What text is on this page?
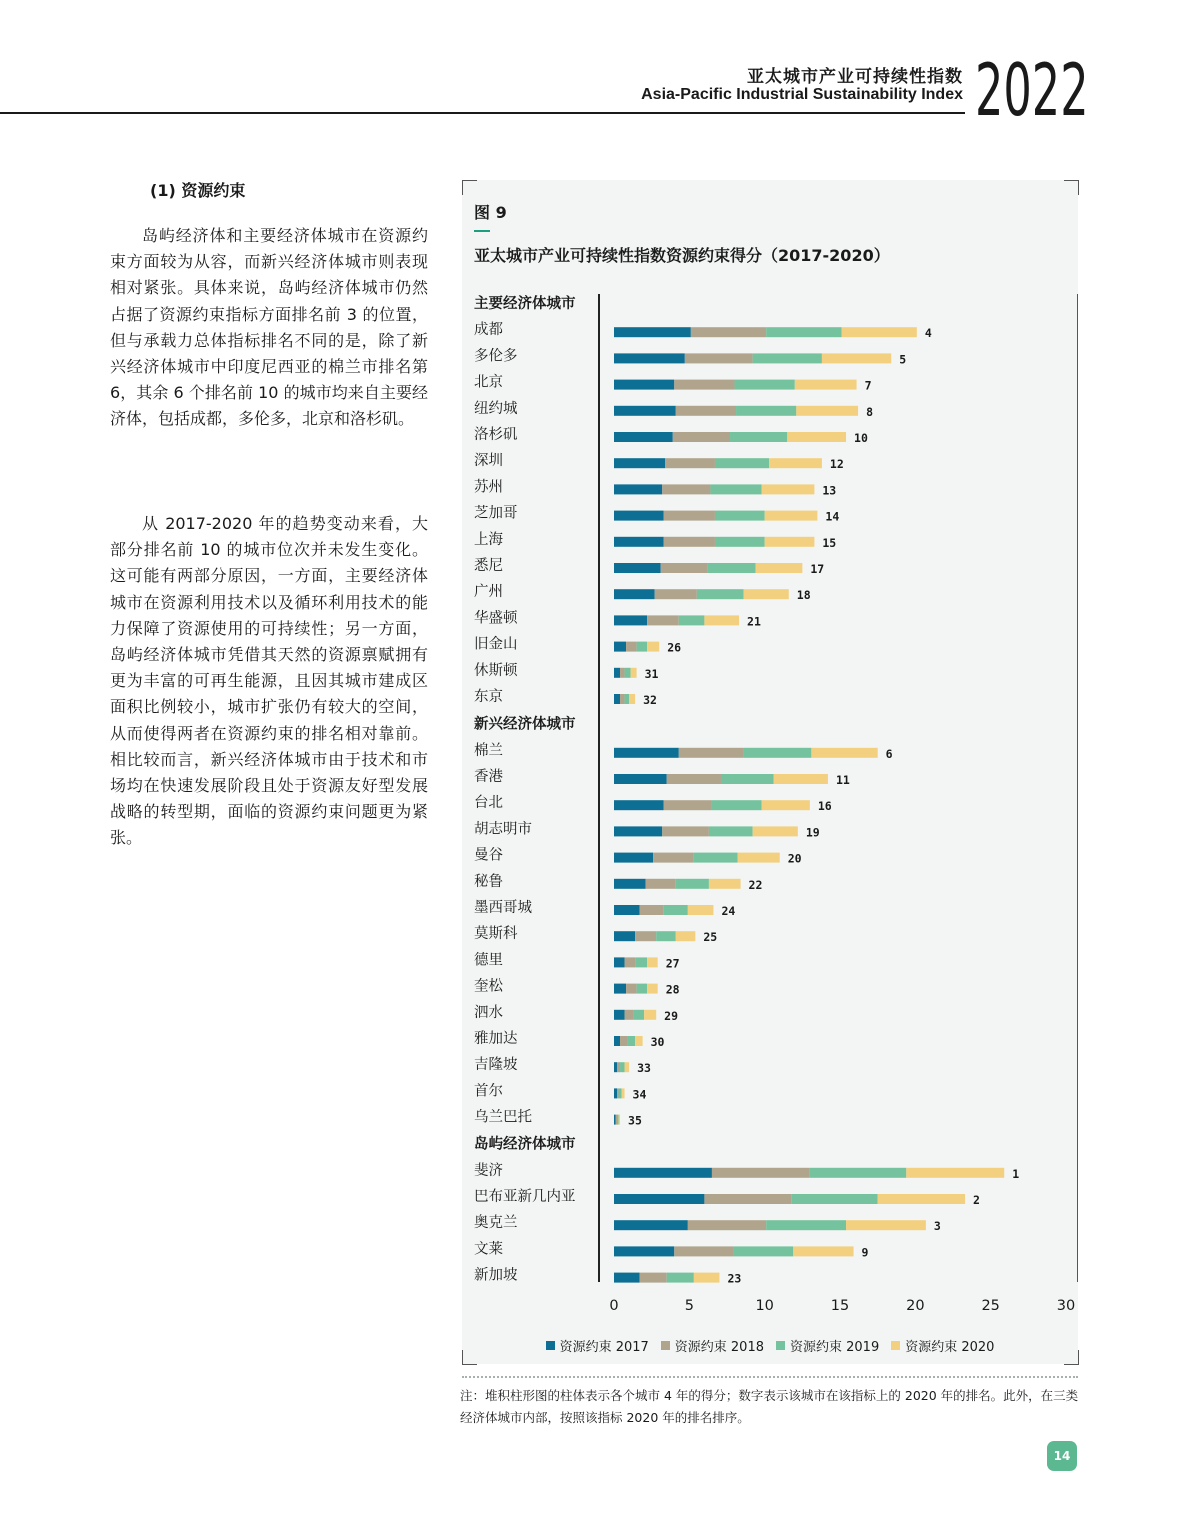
亚太城市产业可持续性指数
Asia-Pacific Industrial Sustainability Index 2022
(1) 资源约束

岛屿经济体和主要经济体城市在资源约束方面较为从容，而新兴经济体城市则表现相对紧张。具体来说，岛屿经济体城市仍然占据了资源约束指标方面排名前 3 的位置，但与承载力总体指标排名不同的是，除了新兴经济体城市中印度尼西亚的棉兰市排名第 6，其余 6 个排名前 10 的城市均来自主要经济体，包括成都，多伦多，北京和洛杉矶。

从 2017-2020 年的趋势变动来看，大部分排名前 10 的城市位次并未发生变化。这可能有两部分原因，一方面，主要经济体城市在资源利用技术以及循环利用技术的能力保障了资源使用的可持续性；另一方面，岛屿经济体城市凭借其天然的资源禀赋拥有更为丰富的可再生能源，且因其城市建成区面积比例较小，城市扩张仍有较大的空间，从而使得两者在资源约束的排名相对靠前。相比较而言，新兴经济体城市由于技术和市场均在快速发展阶段且处于资源友好型发展战略的转型期，面临的资源约束问题更为紧张。

图 9
亚太城市产业可持续性指数资源约束得分（2017-2020）
主要经济体城市
成都	4
多伦多	5
北京	7
纽约城	8
洛杉矶	10
深圳	12
苏州	13
芝加哥	14
上海	15
悉尼	17
广州	18
华盛顿	21
旧金山	26
休斯顿	31
东京	32
新兴经济体城市
棉兰	6
香港	11
台北	16
胡志明市	19
曼谷	20
秘鲁	22
墨西哥城	24
莫斯科	25
德里	27
奎松	28
泗水	29
雅加达	30
吉隆坡	33
首尔	34
乌兰巴托	35
岛屿经济体城市
斐济	1
巴布亚新几内亚	2
奥克兰	3
文莱	9
新加坡	23
0	5	10	15	20	25	30
资源约束 2017 资源约束 2018 资源约束 2019 资源约束 2020

注：堆积柱形图的柱体表示各个城市 4 年的得分；数字表示该城市在该指标上的 2020 年的排名。此外，在三类经济体城市内部，按照该指标 2020 年的排名排序。

14
